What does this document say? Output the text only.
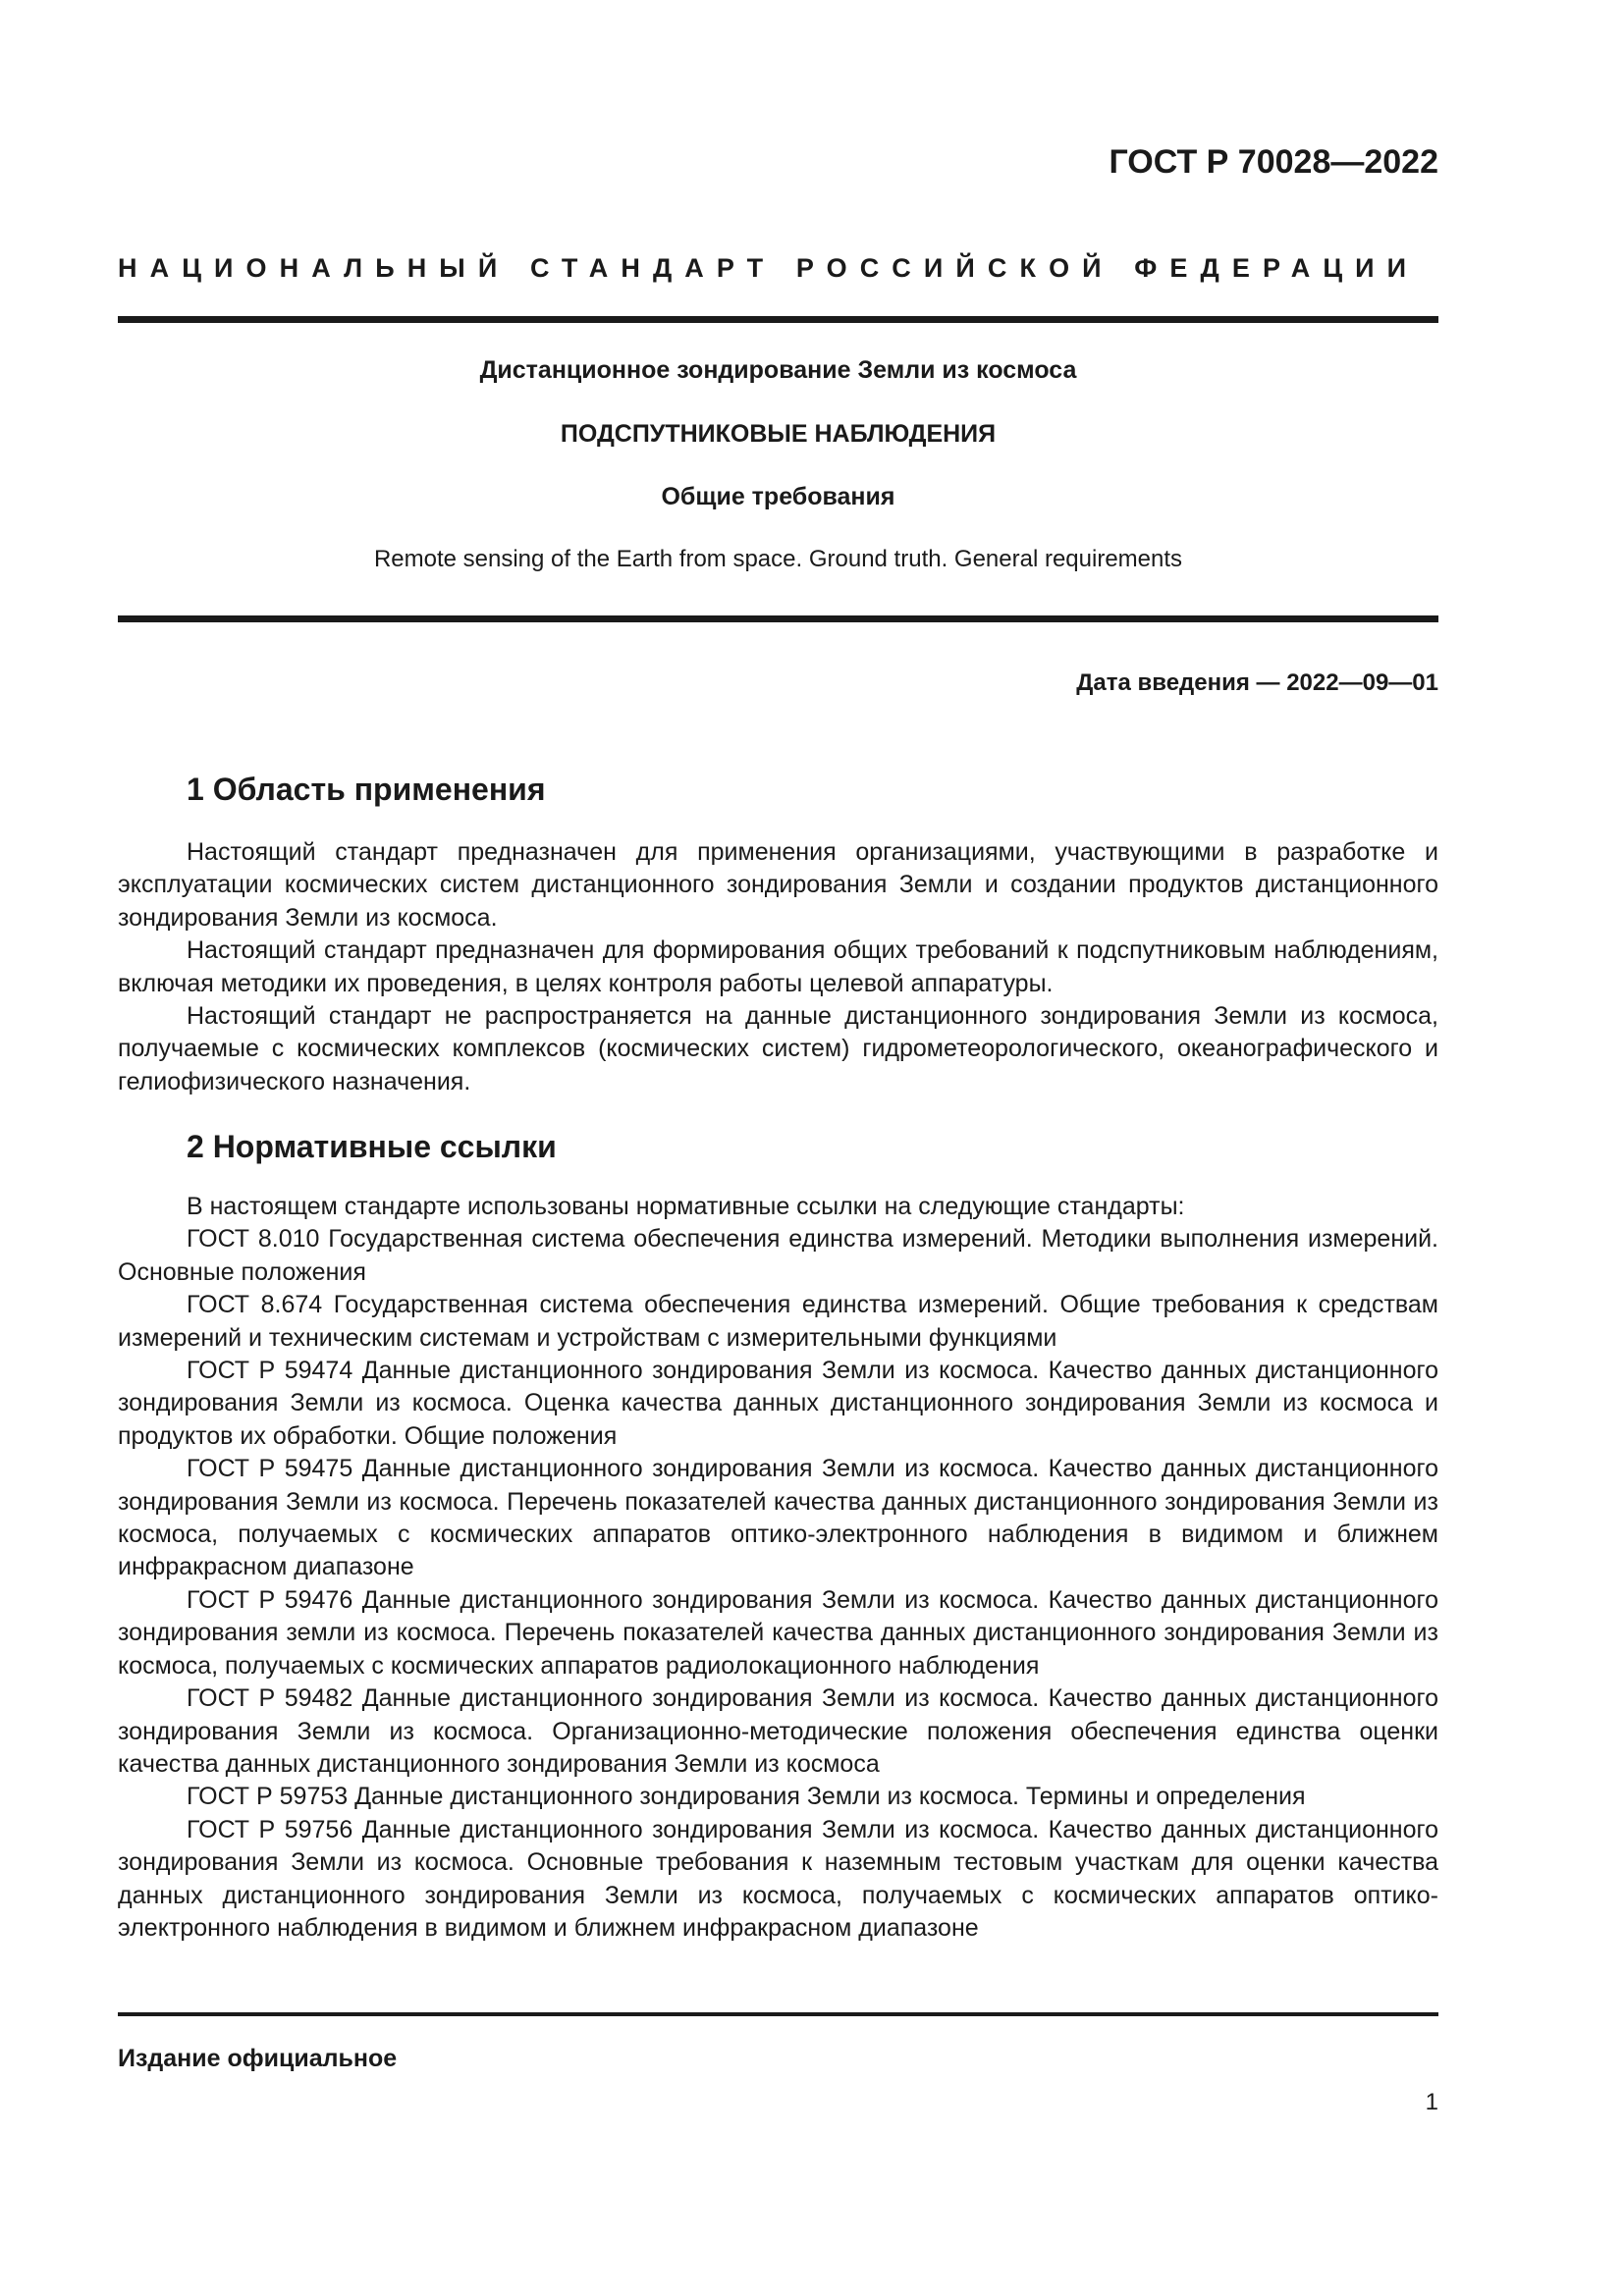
ГОСТ Р 70028—2022
НАЦИОНАЛЬНЫЙ СТАНДАРТ РОССИЙСКОЙ ФЕДЕРАЦИИ
Дистанционное зондирование Земли из космоса
ПОДСПУТНИКОВЫЕ НАБЛЮДЕНИЯ
Общие требования
Remote sensing of the Earth from space. Ground truth. General requirements
Дата введения — 2022—09—01
1 Область применения

Настоящий стандарт предназначен для применения организациями, участвующими в разработке и эксплуатации космических систем дистанционного зондирования Земли и создании продуктов дистанционного зондирования Земли из космоса.

Настоящий стандарт предназначен для формирования общих требований к подспутниковым наблюдениям, включая методики их проведения, в целях контроля работы целевой аппаратуры.

Настоящий стандарт не распространяется на данные дистанционного зондирования Земли из космоса, получаемые с космических комплексов (космических систем) гидрометеорологического, океанографического и гелиофизического назначения.

2 Нормативные ссылки

В настоящем стандарте использованы нормативные ссылки на следующие стандарты:

ГОСТ 8.010 Государственная система обеспечения единства измерений. Методики выполнения измерений. Основные положения

ГОСТ 8.674 Государственная система обеспечения единства измерений. Общие требования к средствам измерений и техническим системам и устройствам с измерительными функциями

ГОСТ Р 59474 Данные дистанционного зондирования Земли из космоса. Качество данных дистанционного зондирования Земли из космоса. Оценка качества данных дистанционного зондирования Земли из космоса и продуктов их обработки. Общие положения

ГОСТ Р 59475 Данные дистанционного зондирования Земли из космоса. Качество данных дистанционного зондирования Земли из космоса. Перечень показателей качества данных дистанционного зондирования Земли из космоса, получаемых с космических аппаратов оптико-электронного наблюдения в видимом и ближнем инфракрасном диапазоне

ГОСТ Р 59476 Данные дистанционного зондирования Земли из космоса. Качество данных дистанционного зондирования земли из космоса. Перечень показателей качества данных дистанционного зондирования Земли из космоса, получаемых с космических аппаратов радиолокационного наблюдения

ГОСТ Р 59482 Данные дистанционного зондирования Земли из космоса. Качество данных дистанционного зондирования Земли из космоса. Организационно-методические положения обеспечения единства оценки качества данных дистанционного зондирования Земли из космоса

ГОСТ Р 59753 Данные дистанционного зондирования Земли из космоса. Термины и определения

ГОСТ Р 59756 Данные дистанционного зондирования Земли из космоса. Качество данных дистанционного зондирования Земли из космоса. Основные требования к наземным тестовым участкам для оценки качества данных дистанционного зондирования Земли из космоса, получаемых с космических аппаратов оптико-электронного наблюдения в видимом и ближнем инфракрасном диапазоне

Издание официальное
1
